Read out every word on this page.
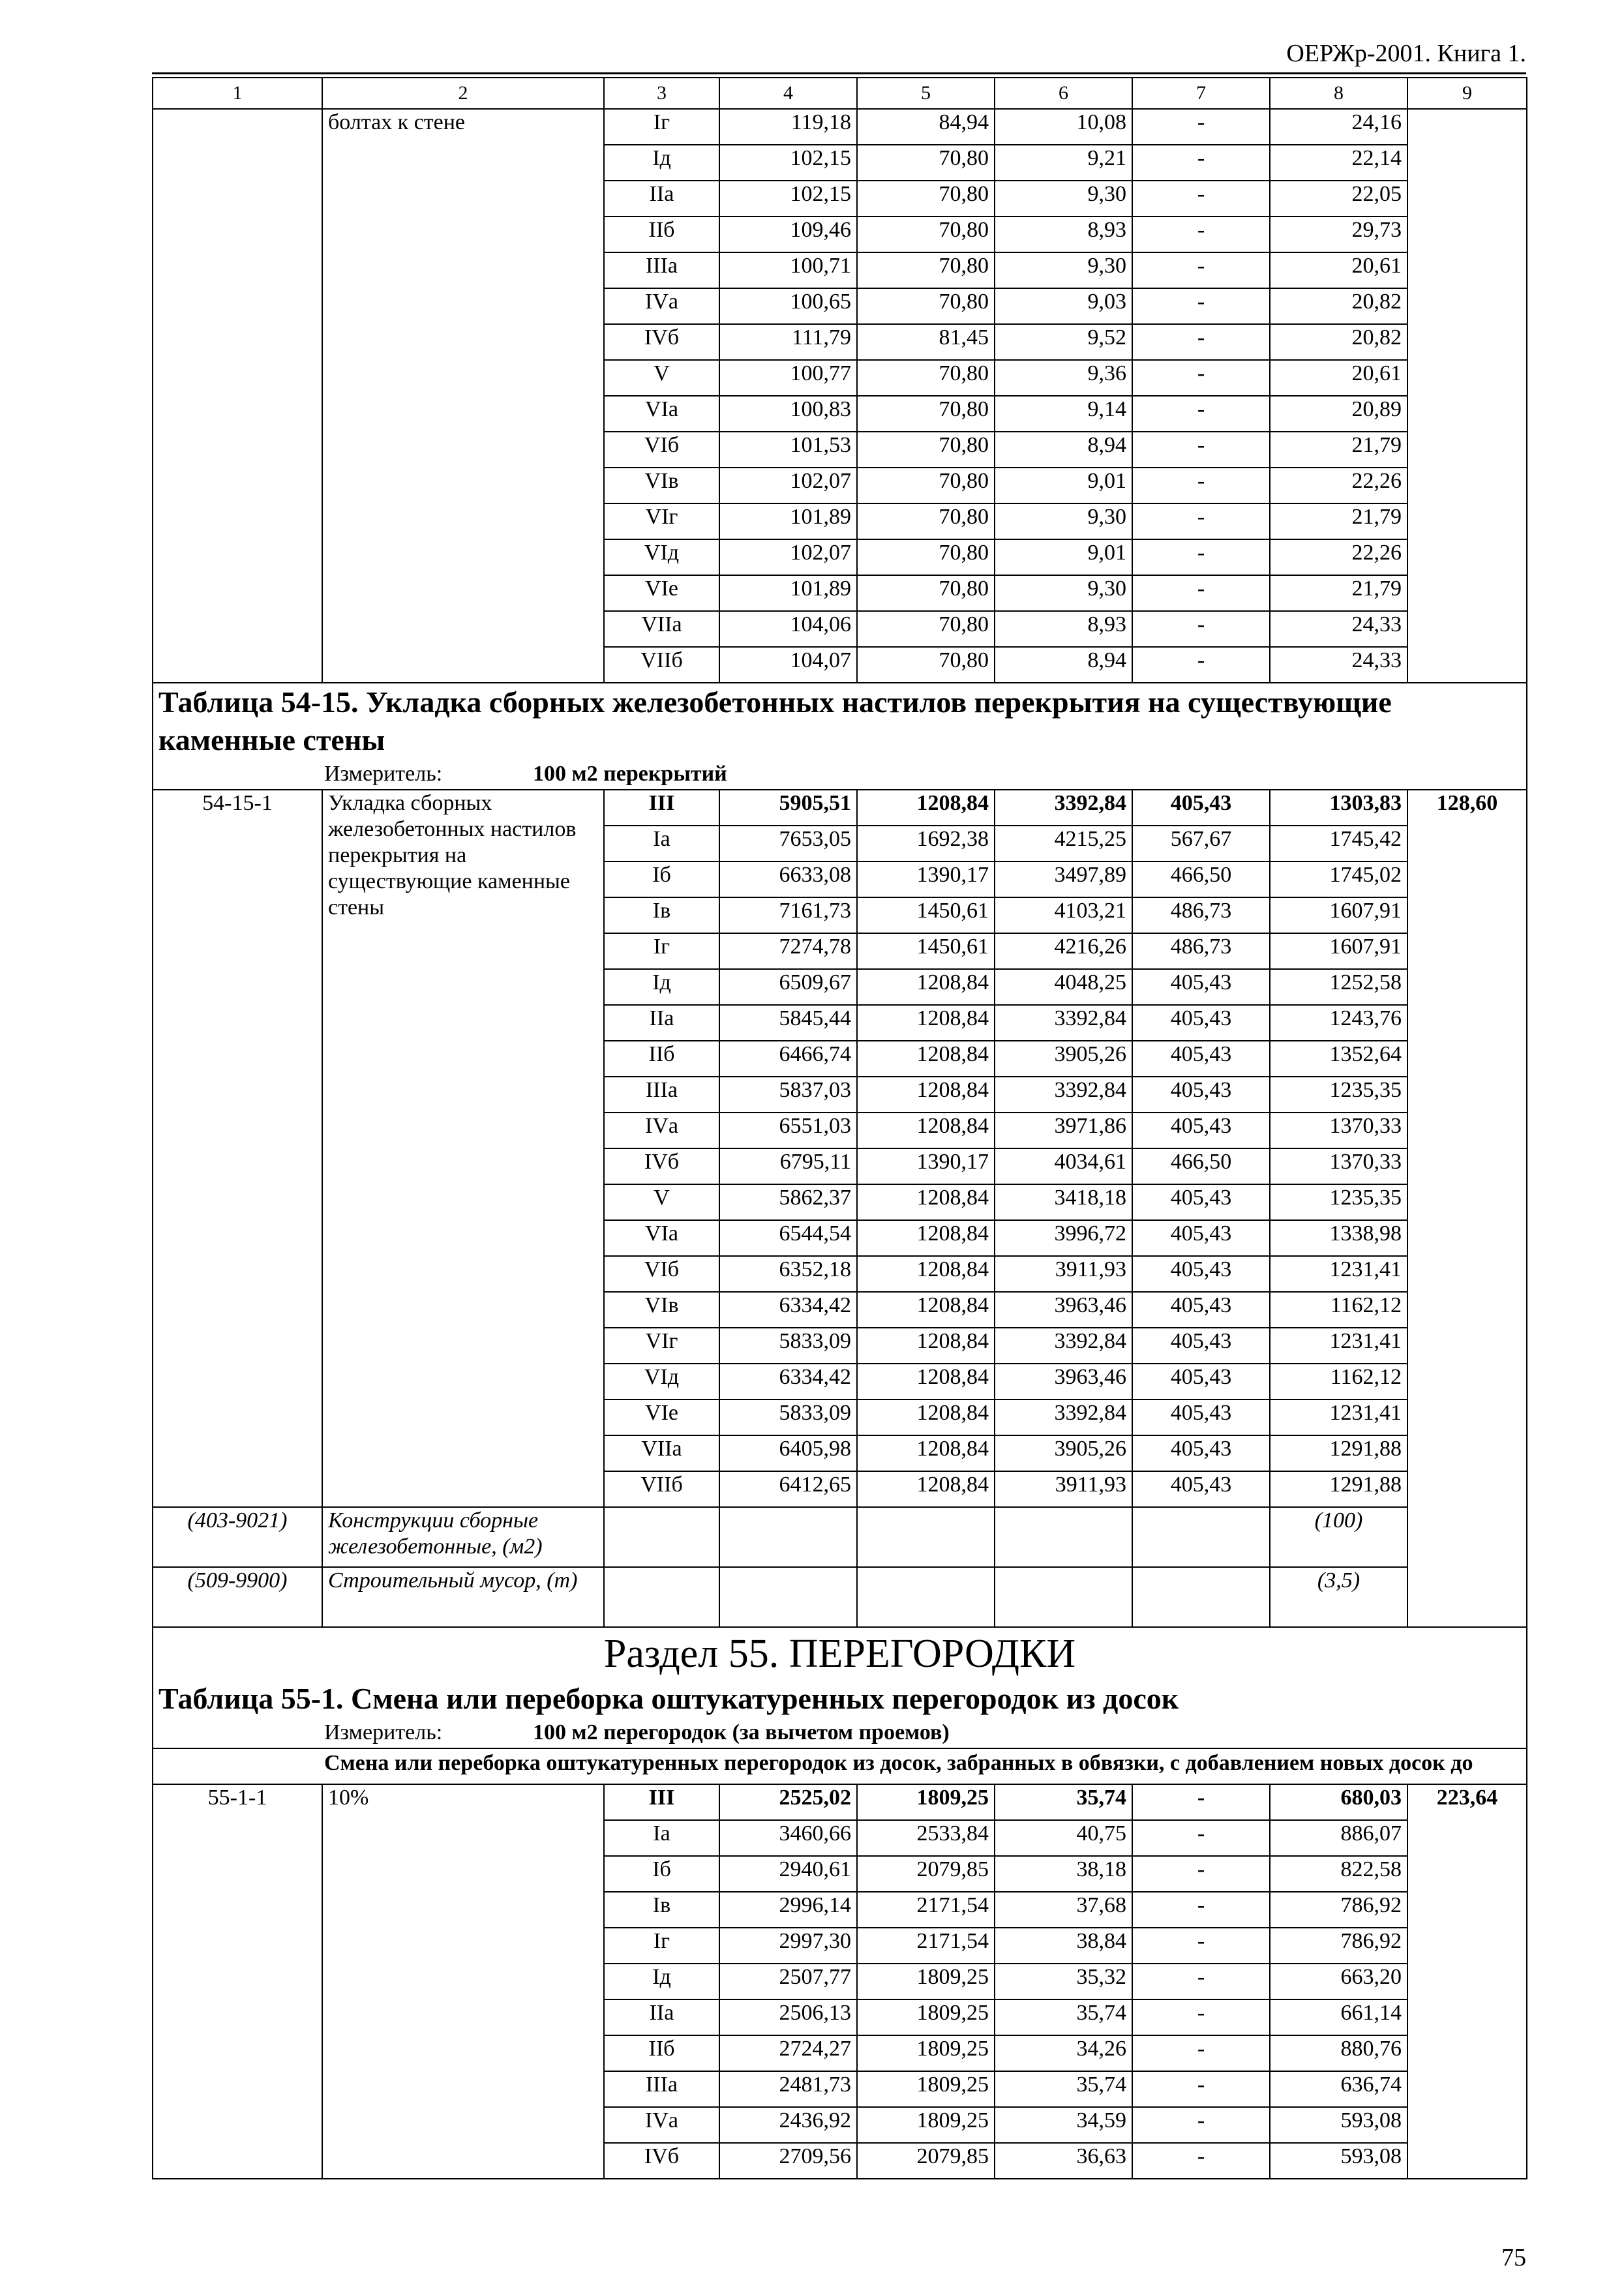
ОЕРЖр-2001. Книга 1.
1	2	3	4	5	6	7	8	9
	болтах к стене	Iг	119,18	84,94	10,08	-	24,16	
		Iд	102,15	70,80	9,21	-	22,14	
		IIа	102,15	70,80	9,30	-	22,05	
		IIб	109,46	70,80	8,93	-	29,73	
		IIIа	100,71	70,80	9,30	-	20,61	
		IVа	100,65	70,80	9,03	-	20,82	
		IVб	111,79	81,45	9,52	-	20,82	
		V	100,77	70,80	9,36	-	20,61	
		VIа	100,83	70,80	9,14	-	20,89	
		VIб	101,53	70,80	8,94	-	21,79	
		VIв	102,07	70,80	9,01	-	22,26	
		VIг	101,89	70,80	9,30	-	21,79	
		VIд	102,07	70,80	9,01	-	22,26	
		VIе	101,89	70,80	9,30	-	21,79	
		VIIа	104,06	70,80	8,93	-	24,33	
		VIIб	104,07	70,80	8,94	-	24,33	

Таблица 54-15. Укладка сборных железобетонных настилов перекрытия на существующие каменные стены
Измеритель: 100 м2 перекрытий								

54-15-1	Укладка сборных железобетонных настилов перекрытия на существующие каменные стены	III	5905,51	1208,84	3392,84	405,43	1303,83	128,60
		Iа	7653,05	1692,38	4215,25	567,67	1745,42	
		Iб	6633,08	1390,17	3497,89	466,50	1745,02	
		Iв	7161,73	1450,61	4103,21	486,73	1607,91	
		Iг	7274,78	1450,61	4216,26	486,73	1607,91	
		Iд	6509,67	1208,84	4048,25	405,43	1252,58	
		IIа	5845,44	1208,84	3392,84	405,43	1243,76	
		IIб	6466,74	1208,84	3905,26	405,43	1352,64	
		IIIа	5837,03	1208,84	3392,84	405,43	1235,35	
		IVа	6551,03	1208,84	3971,86	405,43	1370,33	
		IVб	6795,11	1390,17	4034,61	466,50	1370,33	
		V	5862,37	1208,84	3418,18	405,43	1235,35	
		VIа	6544,54	1208,84	3996,72	405,43	1338,98	
		VIб	6352,18	1208,84	3911,93	405,43	1231,41	
		VIв	6334,42	1208,84	3963,46	405,43	1162,12	
		VIг	5833,09	1208,84	3392,84	405,43	1231,41	
		VIд	6334,42	1208,84	3963,46	405,43	1162,12	
		VIе	5833,09	1208,84	3392,84	405,43	1231,41	
		VIIа	6405,98	1208,84	3905,26	405,43	1291,88	
		VIIб	6412,65	1208,84	3911,93	405,43	1291,88	
(403-9021)	Конструкции сборные железобетонные, (м2)						(100)	
(509-9900)	Строительный мусор, (т)						(3,5)	

Раздел 55. ПЕРЕГОРОДКИ								

Таблица 55-1. Смена или переборка оштукатуренных перегородок из досок
Измеритель: 100 м2 перегородок (за вычетом проемов)								

Смена или переборка оштукатуренных перегородок из досок, забранных в обвязки, с добавлением новых досок до								

55-1-1	10%	III	2525,02	1809,25	35,74	-	680,03	223,64
		Iа	3460,66	2533,84	40,75	-	886,07	
		Iб	2940,61	2079,85	38,18	-	822,58	
		Iв	2996,14	2171,54	37,68	-	786,92	
		Iг	2997,30	2171,54	38,84	-	786,92	
		Iд	2507,77	1809,25	35,32	-	663,20	
		IIа	2506,13	1809,25	35,74	-	661,14	
		IIб	2724,27	1809,25	34,26	-	880,76	
		IIIа	2481,73	1809,25	35,74	-	636,74	
		IVа	2436,92	1809,25	34,59	-	593,08	
		IVб	2709,56	2079,85	36,63	-	593,08	
75
